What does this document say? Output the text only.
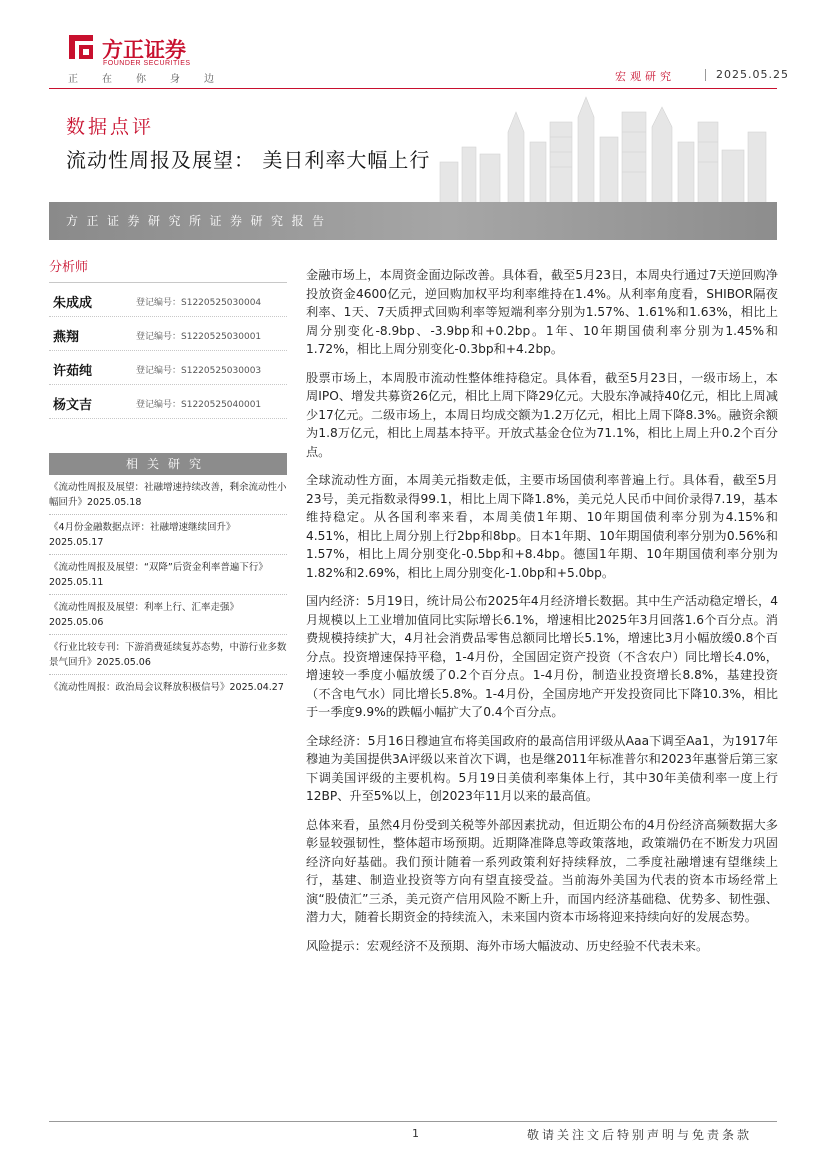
方正证券
FOUNDER SECURITIES
正在你身边	宏观研究	2025.05.25
数据点评
流动性周报及展望： 美日利率大幅上行
方正证券研究所证券研究报告
分析师
朱成成	登记编号：S1220525030004
燕翔	登记编号：S1220525030001
许茹纯	登记编号：S1220525030003
杨文吉	登记编号：S1220525040001
相关研究
《流动性周报及展望：社融增速持续改善，剩余流动性小幅回升》2025.05.18
《4月份金融数据点评：社融增速继续回升》2025.05.17
《流动性周报及展望：“双降”后资金利率普遍下行》2025.05.11
《流动性周报及展望：利率上行、汇率走强》2025.05.06
《行业比较专刊：下游消费延续复苏态势，中游行业多数景气回升》2025.05.06
《流动性周报：政治局会议释放积极信号》2025.04.27

金融市场上，本周资金面边际改善。具体看，截至5月23日，本周央行通过7天逆回购净投放资金4600亿元，逆回购加权平均利率维持在1.4%。从利率角度看，SHIBOR隔夜利率、1天、7天质押式回购利率等短端利率分别为1.57%、1.61%和1.63%，相比上周分别变化-8.9bp、-3.9bp和+0.2bp。1年、10年期国债利率分别为1.45%和1.72%，相比上周分别变化-0.3bp和+4.2bp。

股票市场上，本周股市流动性整体维持稳定。具体看，截至5月23日，一级市场上，本周IPO、增发共募资26亿元，相比上周下降29亿元。大股东净减持40亿元，相比上周减少17亿元。二级市场上，本周日均成交额为1.2万亿元，相比上周下降8.3%。融资余额为1.8万亿元，相比上周基本持平。开放式基金仓位为71.1%，相比上周上升0.2个百分点。

全球流动性方面，本周美元指数走低，主要市场国债利率普遍上行。具体看，截至5月23号，美元指数录得99.1，相比上周下降1.8%，美元兑人民币中间价录得7.19，基本维持稳定。从各国利率来看，本周美债1年期、10年期国债利率分别为4.15%和4.51%，相比上周分别上行2bp和8bp。日本1年期、10年期国债利率分别为0.56%和1.57%，相比上周分别变化-0.5bp和+8.4bp。德国1年期、10年期国债利率分别为1.82%和2.69%，相比上周分别变化-1.0bp和+5.0bp。

国内经济：5月19日，统计局公布2025年4月经济增长数据。其中生产活动稳定增长，4月规模以上工业增加值同比实际增长6.1%，增速相比2025年3月回落1.6个百分点。消费规模持续扩大，4月社会消费品零售总额同比增长5.1%，增速比3月小幅放缓0.8个百分点。投资增速保持平稳，1-4月份，全国固定资产投资（不含农户）同比增长4.0%，增速较一季度小幅放缓了0.2个百分点。1-4月份，制造业投资增长8.8%，基建投资（不含电气水）同比增长5.8%。1-4月份，全国房地产开发投资同比下降10.3%，相比于一季度9.9%的跌幅小幅扩大了0.4个百分点。

全球经济：5月16日穆迪宣布将美国政府的最高信用评级从Aaa下调至Aa1，为1917年穆迪为美国提供3A评级以来首次下调，也是继2011年标准普尔和2023年惠誉后第三家下调美国评级的主要机构。5月19日美债利率集体上行，其中30年美债利率一度上行12BP、升至5%以上，创2023年11月以来的最高值。

总体来看，虽然4月份受到关税等外部因素扰动，但近期公布的4月份经济高频数据大多彰显较强韧性，整体超市场预期。近期降准降息等政策落地，政策端仍在不断发力巩固经济向好基础。我们预计随着一系列政策利好持续释放，二季度社融增速有望继续上行，基建、制造业投资等方向有望直接受益。当前海外美国为代表的资本市场经常上演“股债汇”三杀，美元资产信用风险不断上升，而国内经济基础稳、优势多、韧性强、潜力大，随着长期资金的持续流入，未来国内资本市场将迎来持续向好的发展态势。

风险提示：宏观经济不及预期、海外市场大幅波动、历史经验不代表未来。

1	敬请关注文后特别声明与免责条款
